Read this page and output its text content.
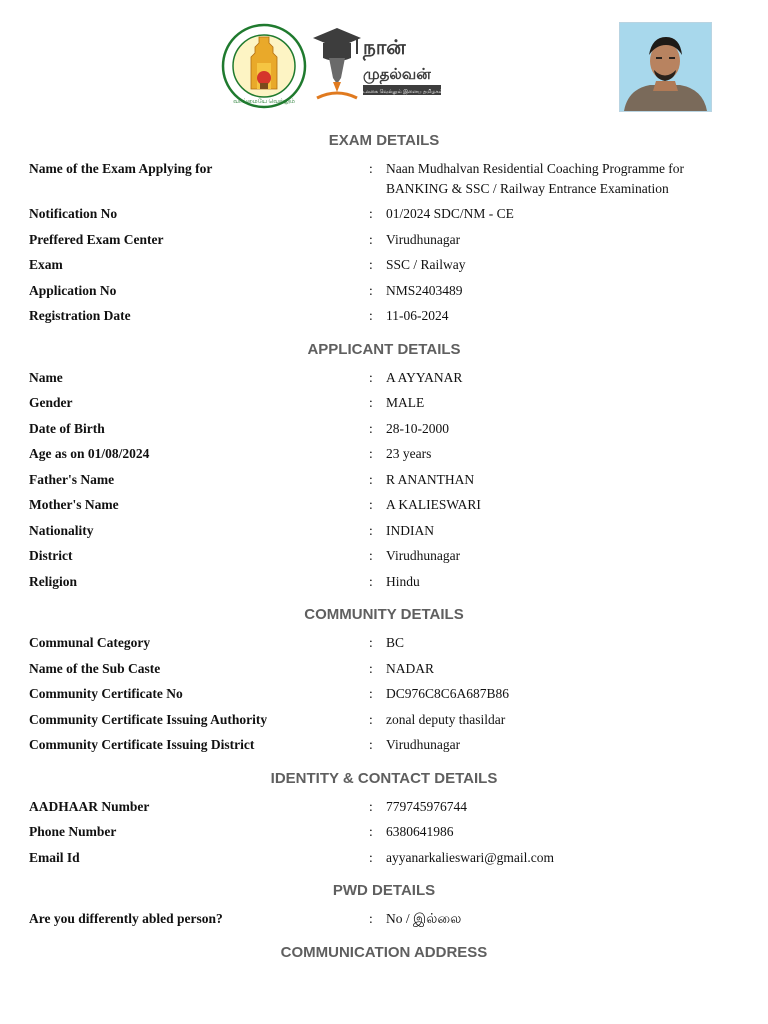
வாய்மையே வெல்லும்
நான்
முதல்வன்
உலகை வெல்லும் இளைய தமிழகம்
EXAM DETAILS
Name of the Exam Applying for	:	Naan Mudhalvan Residential Coaching Programme for BANKING & SSC / Railway Entrance Examination
Notification No	:	01/2024 SDC/NM - CE
Preffered Exam Center	:	Virudhunagar
Exam	:	SSC / Railway
Application No	:	NMS2403489
Registration Date	:	11-06-2024
APPLICANT DETAILS
Name	:	A AYYANAR
Gender	:	MALE
Date of Birth	:	28-10-2000
Age as on 01/08/2024	:	23 years
Father's Name	:	R ANANTHAN
Mother's Name	:	A KALIESWARI
Nationality	:	INDIAN
District	:	Virudhunagar
Religion	:	Hindu
COMMUNITY DETAILS
Communal Category	:	BC
Name of the Sub Caste	:	NADAR
Community Certificate No	:	DC976C8C6A687B86
Community Certificate Issuing Authority	:	zonal deputy thasildar
Community Certificate Issuing District	:	Virudhunagar
IDENTITY & CONTACT DETAILS
AADHAAR Number	:	779745976744
Phone Number	:	6380641986
Email Id	:	ayyanarkalieswari@gmail.com
PWD DETAILS
Are you differently abled person?	:	No / இல்லை
COMMUNICATION ADDRESS
